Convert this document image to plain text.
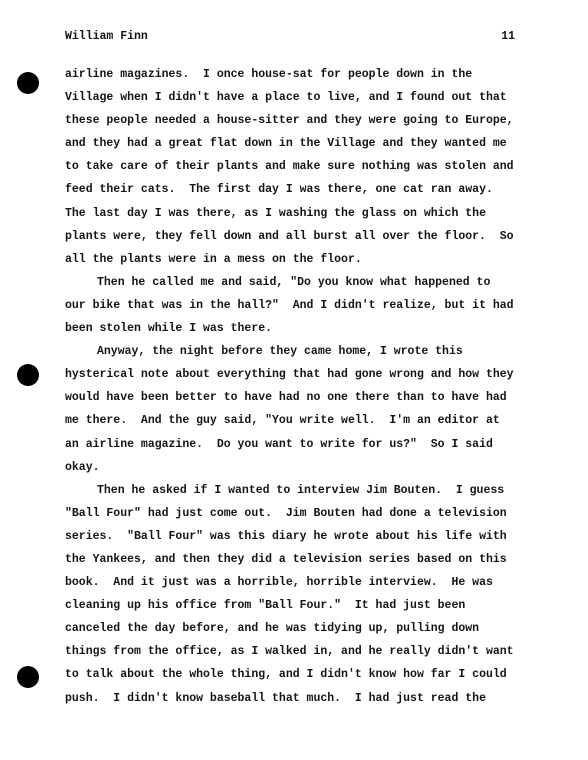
William Finn	11
airline magazines.  I once house-sat for people down in the
Village when I didn't have a place to live, and I found out that
these people needed a house-sitter and they were going to Europe,
and they had a great flat down in the Village and they wanted me
to take care of their plants and make sure nothing was stolen and
feed their cats.  The first day I was there, one cat ran away.
The last day I was there, as I washing the glass on which the
plants were, they fell down and all burst all over the floor.  So
all the plants were in a mess on the floor.
Then he called me and said, "Do you know what happened to
our bike that was in the hall?"  And I didn't realize, but it had
been stolen while I was there.
Anyway, the night before they came home, I wrote this
hysterical note about everything that had gone wrong and how they
would have been better to have had no one there than to have had
me there.  And the guy said, "You write well.  I'm an editor at
an airline magazine.  Do you want to write for us?"  So I said
okay.
Then he asked if I wanted to interview Jim Bouten.  I guess
"Ball Four" had just come out.  Jim Bouten had done a television
series.  "Ball Four" was this diary he wrote about his life with
the Yankees, and then they did a television series based on this
book.  And it just was a horrible, horrible interview.  He was
cleaning up his office from "Ball Four."  It had just been
canceled the day before, and he was tidying up, pulling down
things from the office, as I walked in, and he really didn't want
to talk about the whole thing, and I didn't know how far I could
push.  I didn't know baseball that much.  I had just read the
